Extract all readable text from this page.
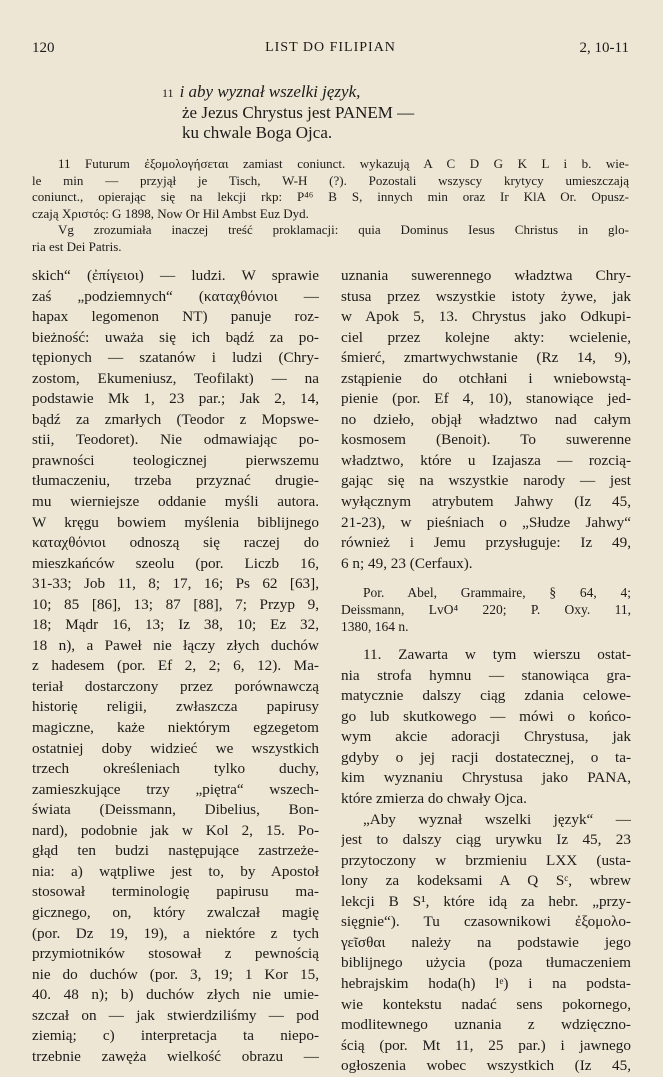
120	LIST DO FILIPIAN	2, 10-11
11 i aby wyznał wszelki język,
że Jezus Chrystus jest PANEM —
ku chwale Boga Ojca.
11 Futurum ἐξομολογήσεται zamiast coniunct. wykazują A C D G K L i b. wie-
le min — przyjął je Tisch, W-H (?). Pozostali wszyscy krytycy umieszczają
coniunct., opierając się na lekcji rkp: P⁴⁶ B S, innych min oraz Ir KlA Or. Opusz-
czają Χριστός: G 1898, Now Or Hil Ambst Euz Dyd.
Vg zrozumiała inaczej treść proklamacji: quia Dominus Iesus Christus in glo-
ria est Dei Patris.
skich“ (ἐπίγειοι) — ludzi. W sprawie
zaś „podziemnych“ (καταχθόνιοι —
hapax legomenon NT) panuje roz-
bieżność: uważa się ich bądź za po-
tępionych — szatanów i ludzi (Chry-
zostom, Ekumeniusz, Teofilakt) — na
podstawie Mk 1, 23 par.; Jak 2, 14,
bądź za zmarłych (Teodor z Mopswe-
stii, Teodoret). Nie odmawiając po-
prawności teologicznej pierwszemu
tłumaczeniu, trzeba przyznać drugie-
mu wierniejsze oddanie myśli autora.
W kręgu bowiem myślenia biblijnego
καταχθόνιοι odnoszą się raczej do
mieszkańców szeolu (por. Liczb 16,
31-33; Job 11, 8; 17, 16; Ps 62 [63],
10; 85 [86], 13; 87 [88], 7; Przyp 9,
18; Mądr 16, 13; Iz 38, 10; Ez 32,
18 n), a Paweł nie łączy złych duchów
z hadesem (por. Ef 2, 2; 6, 12). Ma-
teriał dostarczony przez porównawczą
historię religii, zwłaszcza papirusy
magiczne, każe niektórym egzegetom
ostatniej doby widzieć we wszystkich
trzech określeniach tylko duchy,
zamieszkujące trzy „piętra“ wszech-
świata (Deissmann, Dibelius, Bon-
nard), podobnie jak w Kol 2, 15. Po-
głąd ten budzi następujące zastrzeże-
nia: a) wątpliwe jest to, by Apostoł
stosował terminologię papirusu ma-
gicznego, on, który zwalczał magię
(por. Dz 19, 19), a niektóre z tych
przymiotników stosował z pewnością
nie do duchów (por. 3, 19; 1 Kor 15,
40. 48 n); b) duchów złych nie umie-
szczał on — jak stwierdziliśmy — pod
ziemią; c) interpretacja ta niepo-
trzebnie zawęża wielkość obrazu —
uznania suwerennego władztwa Chry-
stusa przez wszystkie istoty żywe, jak
w Apok 5, 13. Chrystus jako Odkupi-
ciel przez kolejne akty: wcielenie,
śmierć, zmartwychwstanie (Rz 14, 9),
zstąpienie do otchłani i wniebowstą-
pienie (por. Ef 4, 10), stanowiące jed-
no dzieło, objął władztwo nad całym
kosmosem (Benoit). To suwerenne
władztwo, które u Izajasza — rozcią-
gając się na wszystkie narody — jest
wyłącznym atrybutem Jahwy (Iz 45,
21-23), w pieśniach o „Słudze Jahwy“
również i Jemu przysługuje: Iz 49,
6 n; 49, 23 (Cerfaux).
Por. Abel, Grammaire, § 64, 4;
Deissmann, LvO⁴ 220; P. Oxy. 11,
1380, 164 n.
11. Zawarta w tym wierszu ostat-
nia strofa hymnu — stanowiąca gra-
matycznie dalszy ciąg zdania celowe-
go lub skutkowego — mówi o końco-
wym akcie adoracji Chrystusa, jak
gdyby o jej racji dostatecznej, o ta-
kim wyznaniu Chrystusa jako PANA,
które zmierza do chwały Ojca.
„Aby wyznał wszelki język“ —
jest to dalszy ciąg urywku Iz 45, 23
przytoczony w brzmieniu LXX (usta-
lony za kodeksami A Q Sᶜ, wbrew
lekcji B S¹, które idą za hebr. „przy-
sięgnie“). Tu czasownikowi ἐξομολο-
γεῖσθαι należy na podstawie jego
biblijnego użycia (poza tłumaczeniem
hebrajskim hoda(h) lᵉ) i na podsta-
wie kontekstu nadać sens pokornego,
modlitewnego uznania z wdzięczno-
ścią (por. Mt 11, 25 par.) i jawnego
ogłoszenia wobec wszystkich (Iz 45,
